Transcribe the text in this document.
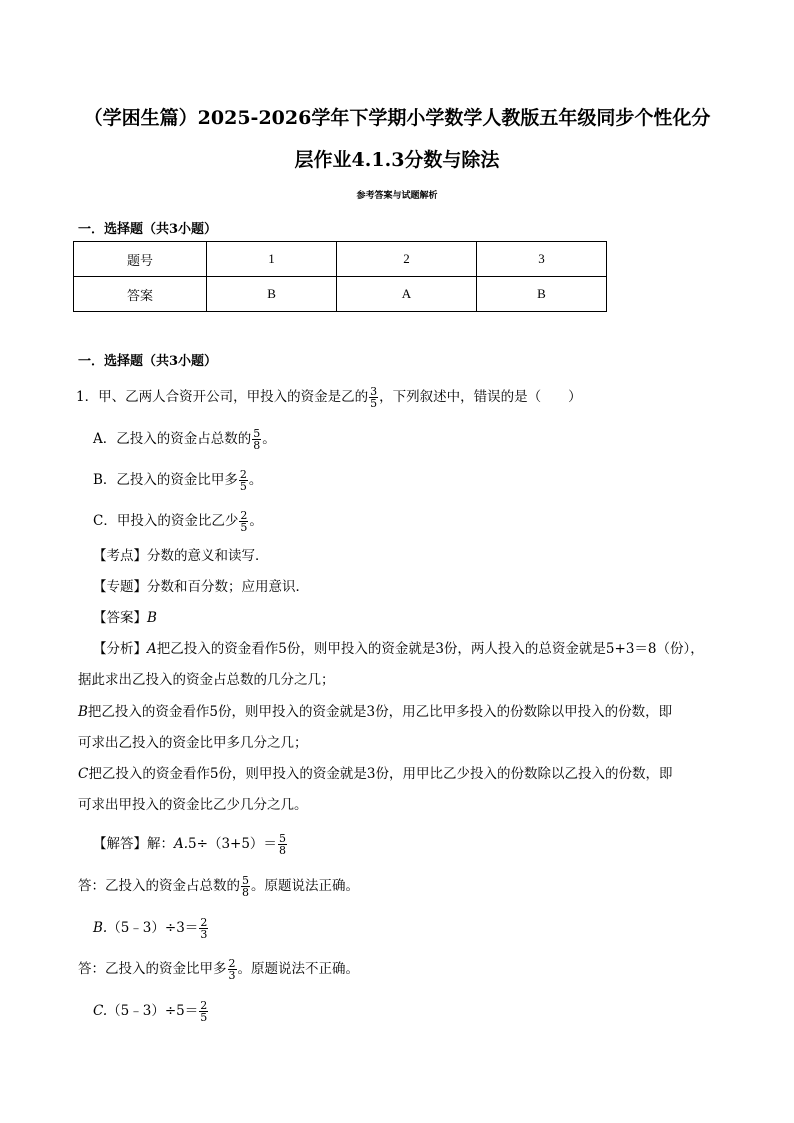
（学困生篇）2025-2026学年下学期小学数学人教版五年级同步个性化分
层作业4.1.3分数与除法
参考答案与试题解析
一．选择题（共3小题）
题号	1	2	3
答案	B	A	B
一．选择题（共3小题）
1．甲、乙两人合资开公司，甲投入的资金是乙的 $\frac{3}{5}$ ，下列叙述中，错误的是（　　）
A．乙投入的资金占总数的 $\frac{5}{8}$ 。
B．乙投入的资金比甲多 $\frac{2}{5}$ 。
C．甲投入的资金比乙少 $\frac{2}{5}$ 。
【考点】分数的意义和读写．
【专题】分数和百分数；应用意识．
【答案】B
【分析】A把乙投入的资金看作5份，则甲投入的资金就是3份，两人投入的总资金就是5+3＝8（份），
据此求出乙投入的资金占总数的几分之几；
B把乙投入的资金看作5份，则甲投入的资金就是3份，用乙比甲多投入的份数除以甲投入的份数，即
可求出乙投入的资金比甲多几分之几；
C把乙投入的资金看作5份，则甲投入的资金就是3份，用甲比乙少投入的份数除以乙投入的份数，即
可求出甲投入的资金比乙少几分之几。
【解答】解：$A.5\div(3+5)= \frac{5}{8}$
答：乙投入的资金占总数的 $\frac{5}{8}$ 。原题说法正确。
B.（5﹣3）÷3＝ $\frac{2}{3}$
答：乙投入的资金比甲多 $\frac{2}{3}$ 。原题说法不正确。
C.（5﹣3）÷5＝ $\frac{2}{5}$
